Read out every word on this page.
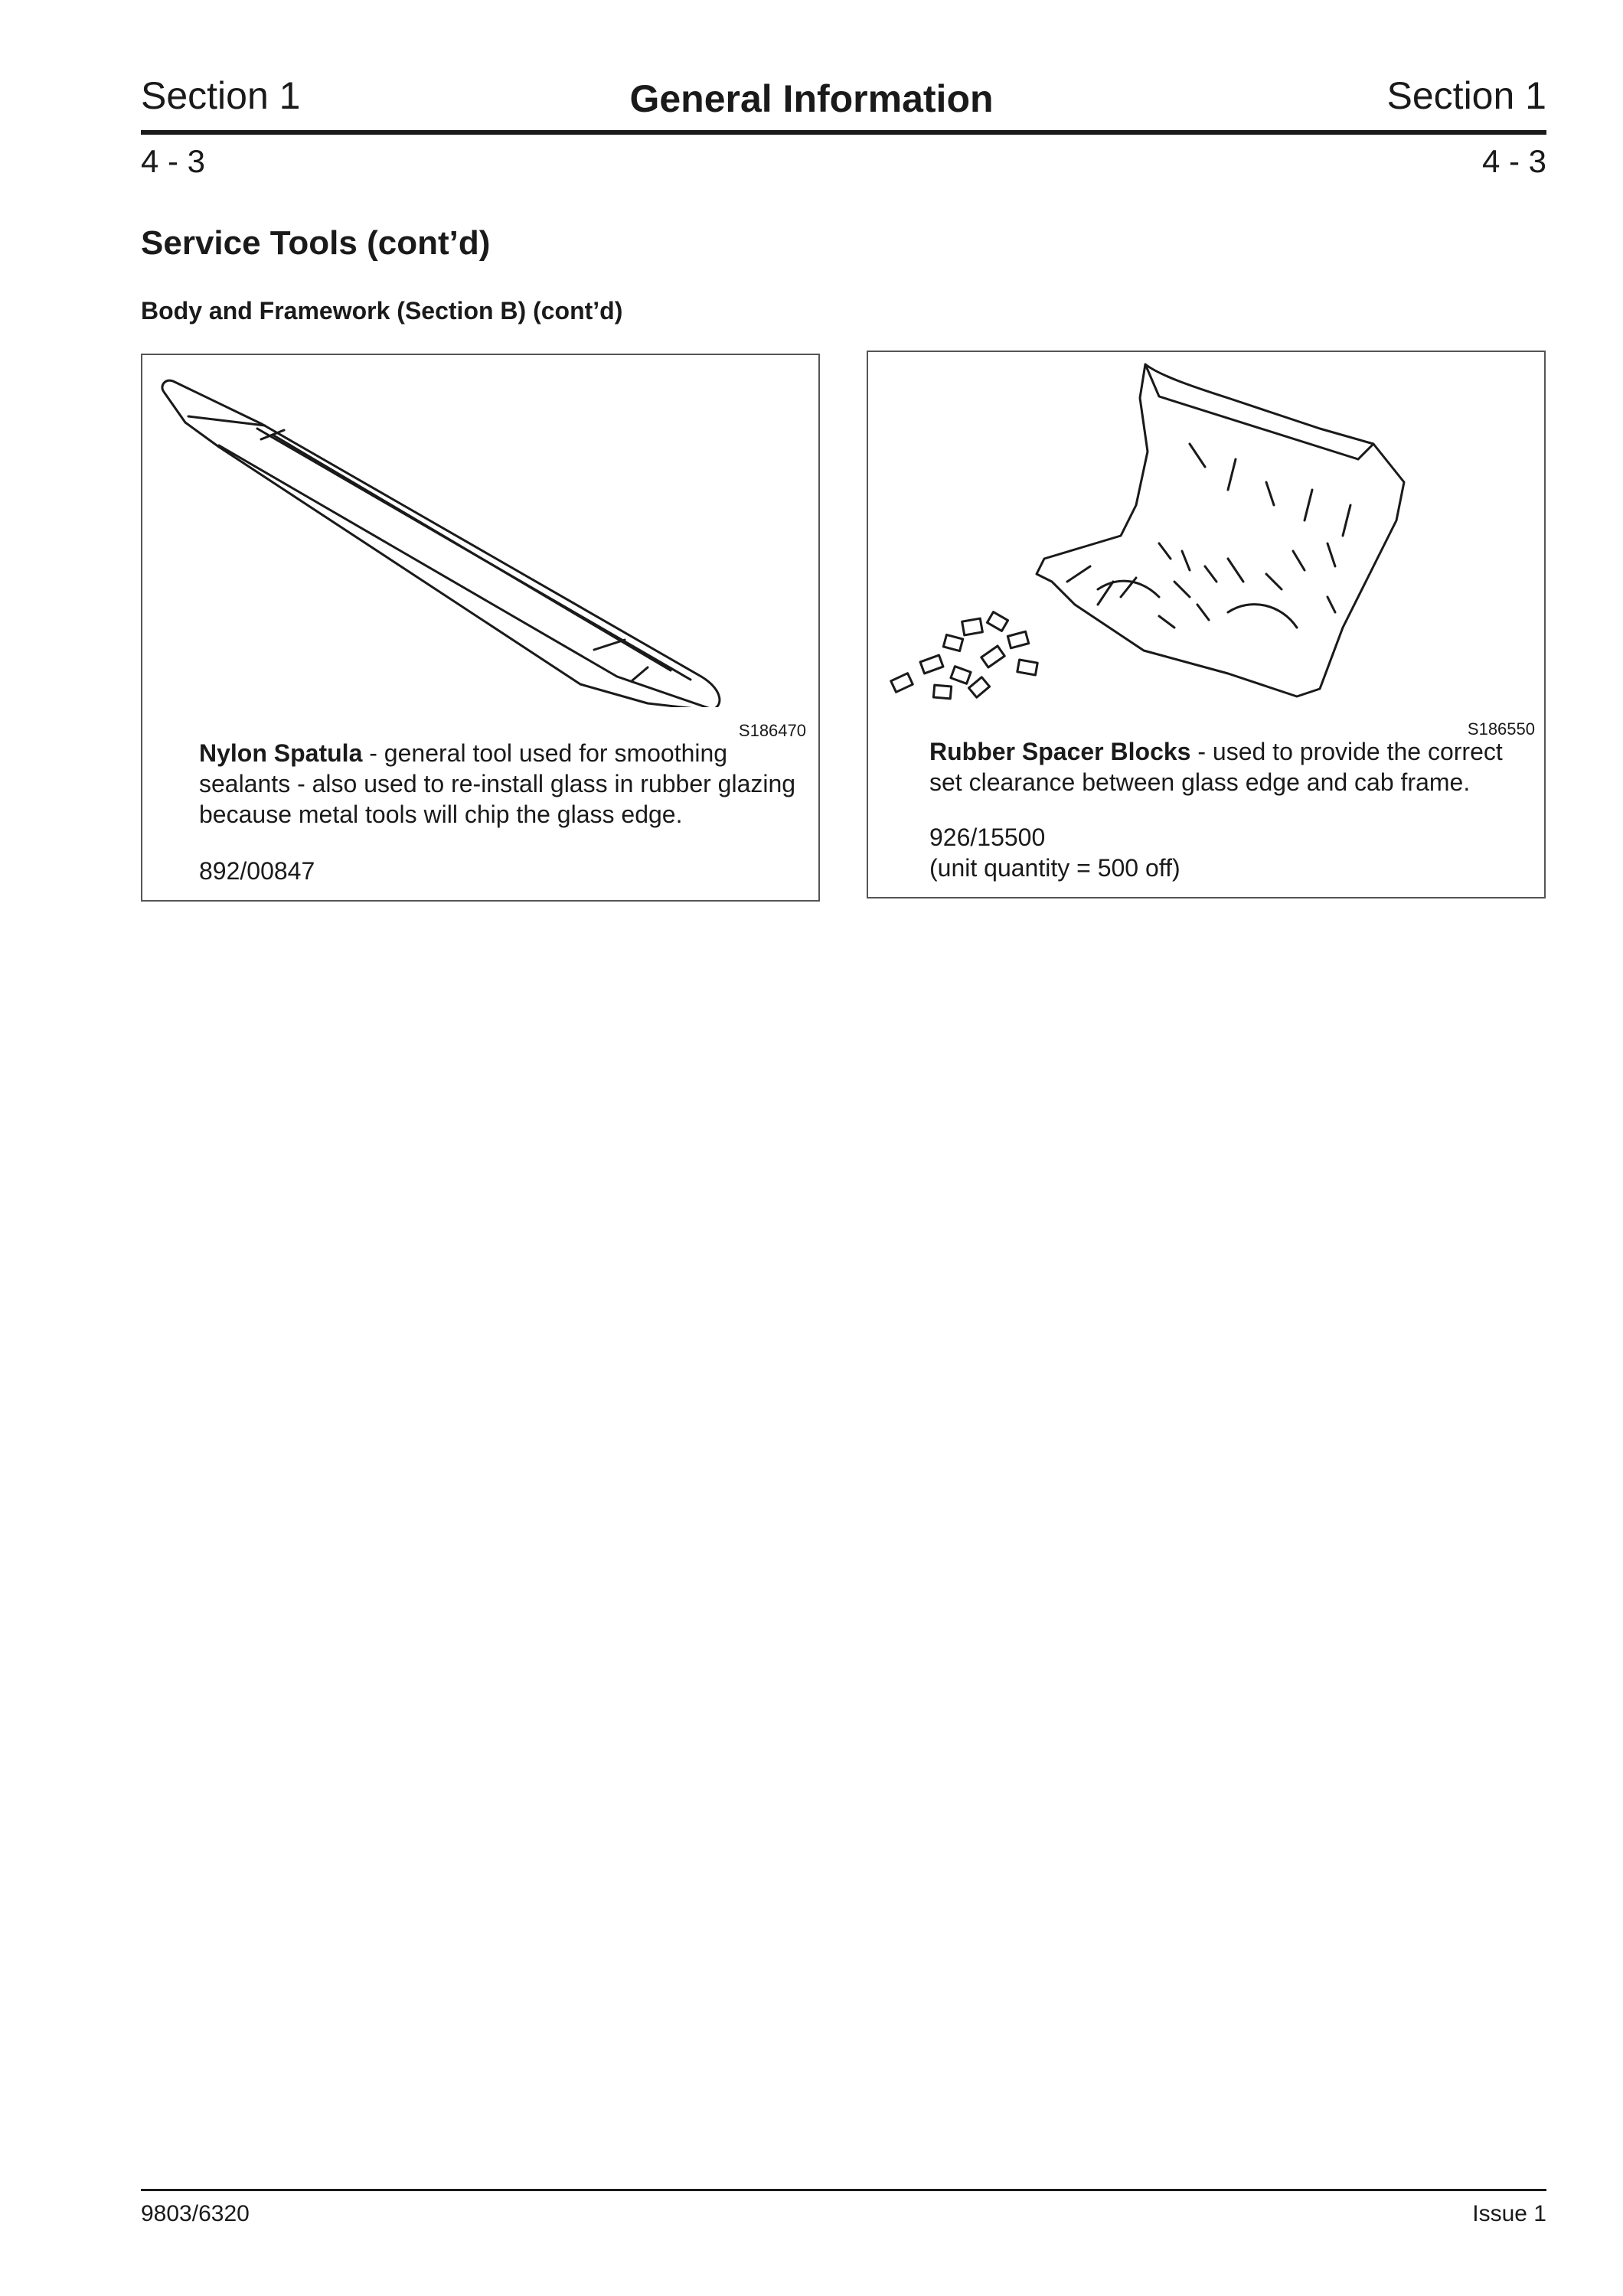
Section 1	General Information	Section 1
4 - 3	4 - 3
Service Tools (cont’d)
Body and Framework (Section B) (cont’d)
S186470
Nylon Spatula - general tool used for smoothing sealants - also used to re-install glass in rubber glazing because metal tools will chip the glass edge.
892/00847
S186550
Rubber Spacer Blocks - used to provide the correct set clearance between glass edge and cab frame.
926/15500
(unit quantity = 500 off)
9803/6320	Issue 1
